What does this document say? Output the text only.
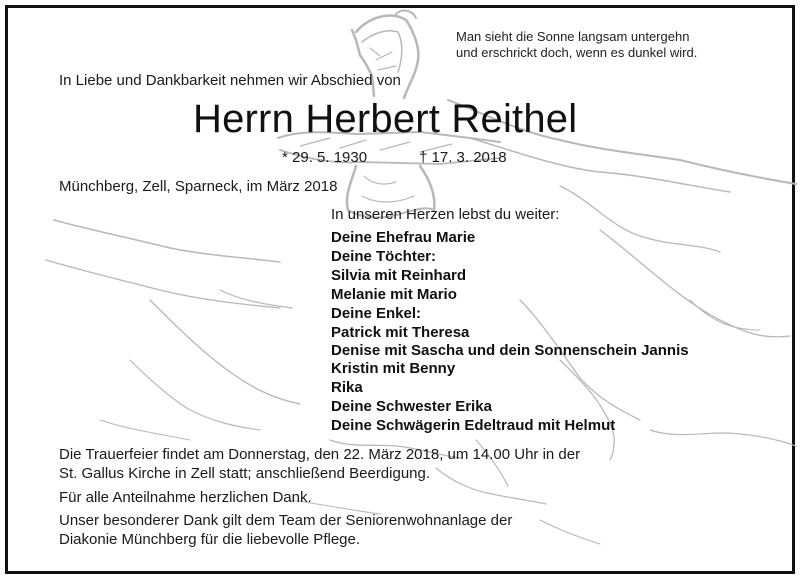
Man sieht die Sonne langsam untergehn
und erschrickt doch, wenn es dunkel wird.
In Liebe und Dankbarkeit nehmen wir Abschied von
Herrn Herbert Reithel
* 29. 5. 1930	† 17. 3. 2018
Münchberg, Zell, Sparneck, im März 2018
In unseren Herzen lebst du weiter:
Deine Ehefrau Marie
Deine Töchter:
Silvia mit Reinhard
Melanie mit Mario
Deine Enkel:
Patrick mit Theresa
Denise mit Sascha und dein Sonnenschein Jannis
Kristin mit Benny
Rika
Deine Schwester Erika
Deine Schwägerin Edeltraud mit Helmut
Die Trauerfeier findet am Donnerstag, den 22. März 2018, um 14.00 Uhr in der
St. Gallus Kirche in Zell statt; anschließend Beerdigung.
Für alle Anteilnahme herzlichen Dank.
Unser besonderer Dank gilt dem Team der Seniorenwohnanlage der
Diakonie Münchberg für die liebevolle Pflege.
